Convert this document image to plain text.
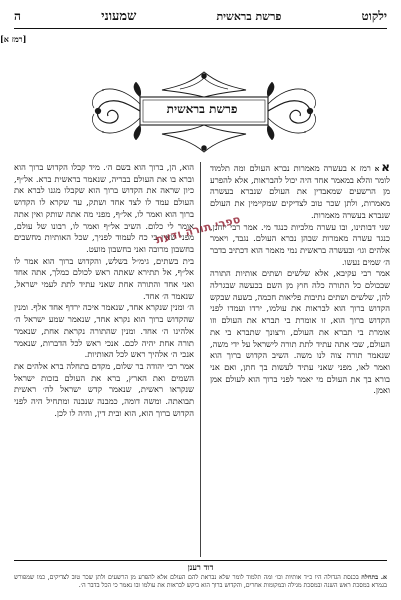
ילקוט
פרשת בראשית
שמעוני
ה
[רמז א]
פרשת בראשית

אא רמז א בעשרה מאמרות נברא העולם ומה תלמוד לומר והלא במאמר אחד היה יכול להבראות, אלא להפרע מן הרשעים שמאבדין את העולם שנברא בעשרה מאמרות, ולתן שכר טוב לצדיקים שמקיימין את העולם שנברא בעשרה מאמרות.

שני דבותינו, ובו עשרה מלכיות כנגד מי. אמר רבי יוחנן, כנגד עשרה מאמרות שבהן נברא העולם. נגבד, ויאמר אלהים וגו׳ ובעשרה בראשית נמי מאמר הוא דכתיב בדבר ה׳ שמים נעשו.

אמר רבי עקיבא, אלא שלשים ושתים אותיות התורה שבכולם כל התורה כלה חוץ מן השם בכעשה שבגרלה להן, שלשים ושתים נתיבות פליאות חכמה, בשעה שבקש הקדוש ברוך הוא לבראות את עולמו, ירדו ועמדו לפני הקדוש ברוך הוא, זו אומרת בי תברא את העולם וזו אומרת בי תברא את העולם, ורצונך שתברא בי את העולם, שבי אתה עתיד לתת תורה לישראל על ידי משה, שנאמר תורה צוה לנו משה. השיב הקדוש ברוך הוא ואמר לאו, מפני שאני עתיד לעשות בך חתן, ואם אני בורא בך את העולם מי יאמר לפני ברוך הוא לעולם אמן ואמן.

הוא, הן, ברוך הוא בשם ה׳. מיד קבלו הקדוש ברוך הוא וברא בו את העולם בבריה, שנאמר בראשית ברא. אל״ף, כיון שראה את הקדוש ברוך הוא שקבלו מגנו לברא את העולם עמד לו לצד אחד ושתק, עד שקרא לו הקדוש ברוך הוא ואמר לו, אל״ף, מפני מה אתה שותק ואין אתה אומר לי כלום. השיב אל״ף ואמר לו, רבונו של עולם, מפני שאין בי כח לעמוד לפניך, שכל האותיות מחשבים בחשבון מרובה ואני בחשבון מועט.

בית בשתים, גימ״ל בשלש, והקדוש ברוך הוא אמר לו אל״ף, אל תתירא שאתה ראש לכולם כמלך, אתה אחד ואני אחד והתורה אחת שאני עתיד לתת לעמי ישראל, שנאמר ה׳ אחד.

ה׳ ומנין שנקרא אחד, שנאמר איכה ירדף אחד אלף. ומנין שהקדוש ברוך הוא נקרא אחד, שנאמר שמע ישראל ה׳ אלהינו ה׳ אחד. ומנין שהתורה נקראת אחת, שנאמר תורה אחת יהיה לכם. אנכי ראש לכל הדברות, שנאמר אנכי ה׳ אלהיך ראש לכל האותיות.

אמר רבי יהודה בר שלום, מקדם בתחלה ברא אלהים את השמים ואת הארץ, ברא את העולם בזכות ישראל שנקראו ראשית, שנאמר קדש ישראל לה׳ ראשית תבואתה. ומשה דומה, כמבנה שנבנה ומתחיל היה לפני הקדוש ברוך הוא, הוא ובית דין, והיה לו לכן.

ספרי תורה ודעת
דוד רענן
א. בתחלה בכנסת הגדולה היו כ״ד אותיות וכו׳ ומה תלמוד לומר שלא נבראת להם העולם אלא להפרע מן הרשעים ולתן שכר טוב לצדיקים, כמו שמפורש בגמרא במסכת ראש השנה ובמסכת מגילה ובמקומות אחרים, והקדוש ברוך הוא ביקש לבראות את עולמו ובו נאמר כי הכל בדבר ה׳.
